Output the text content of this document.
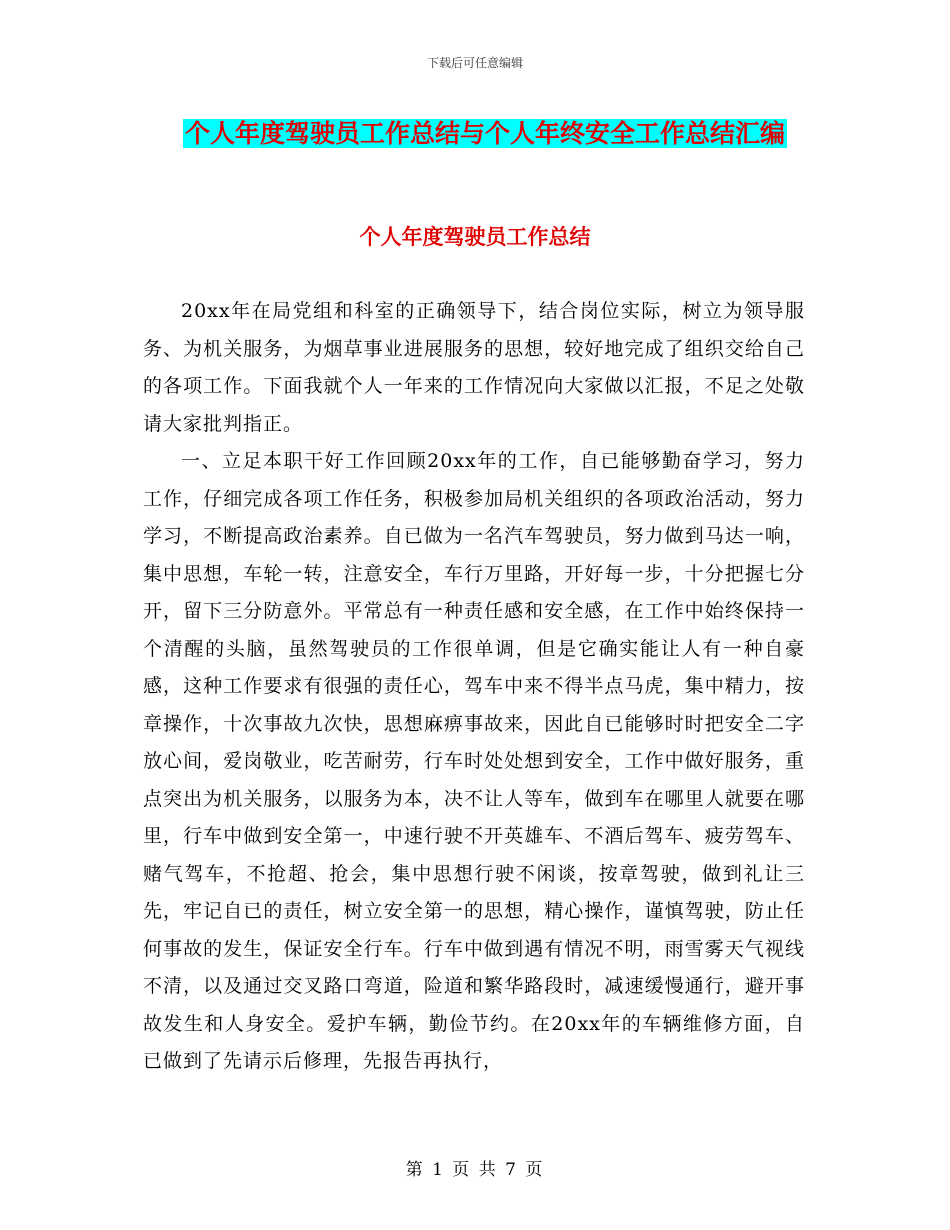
下载后可任意编辑
个人年度驾驶员工作总结与个人年终安全工作总结汇编
个人年度驾驶员工作总结

20xx年在局党组和科室的正确领导下，结合岗位实际，树立为领导服务、为机关服务，为烟草事业进展服务的思想，较好地完成了组织交给自己的各项工作。下面我就个人一年来的工作情况向大家做以汇报，不足之处敬请大家批判指正。

一、立足本职干好工作回顾20xx年的工作，自已能够勤奋学习，努力工作，仔细完成各项工作任务，积极参加局机关组织的各项政治活动，努力学习，不断提高政治素养。自已做为一名汽车驾驶员，努力做到马达一响，集中思想，车轮一转，注意安全，车行万里路，开好每一步，十分把握七分开，留下三分防意外。平常总有一种责任感和安全感，在工作中始终保持一个清醒的头脑，虽然驾驶员的工作很单调，但是它确实能让人有一种自豪感，这种工作要求有很强的责任心，驾车中来不得半点马虎，集中精力，按章操作，十次事故九次快，思想麻痹事故来，因此自已能够时时把安全二字放心间，爱岗敬业，吃苦耐劳，行车时处处想到安全，工作中做好服务，重点突出为机关服务，以服务为本，决不让人等车，做到车在哪里人就要在哪里，行车中做到安全第一，中速行驶不开英雄车、不酒后驾车、疲劳驾车、赌气驾车，不抢超、抢会，集中思想行驶不闲谈，按章驾驶，做到礼让三先，牢记自已的责任，树立安全第一的思想，精心操作，谨慎驾驶，防止任何事故的发生，保证安全行车。行车中做到遇有情况不明，雨雪雾天气视线不清，以及通过交叉路口弯道，险道和繁华路段时，减速缓慢通行，避开事故发生和人身安全。爱护车辆，勤俭节约。在20xx年的车辆维修方面，自已做到了先请示后修理，先报告再执行，

第 1 页 共 7 页
